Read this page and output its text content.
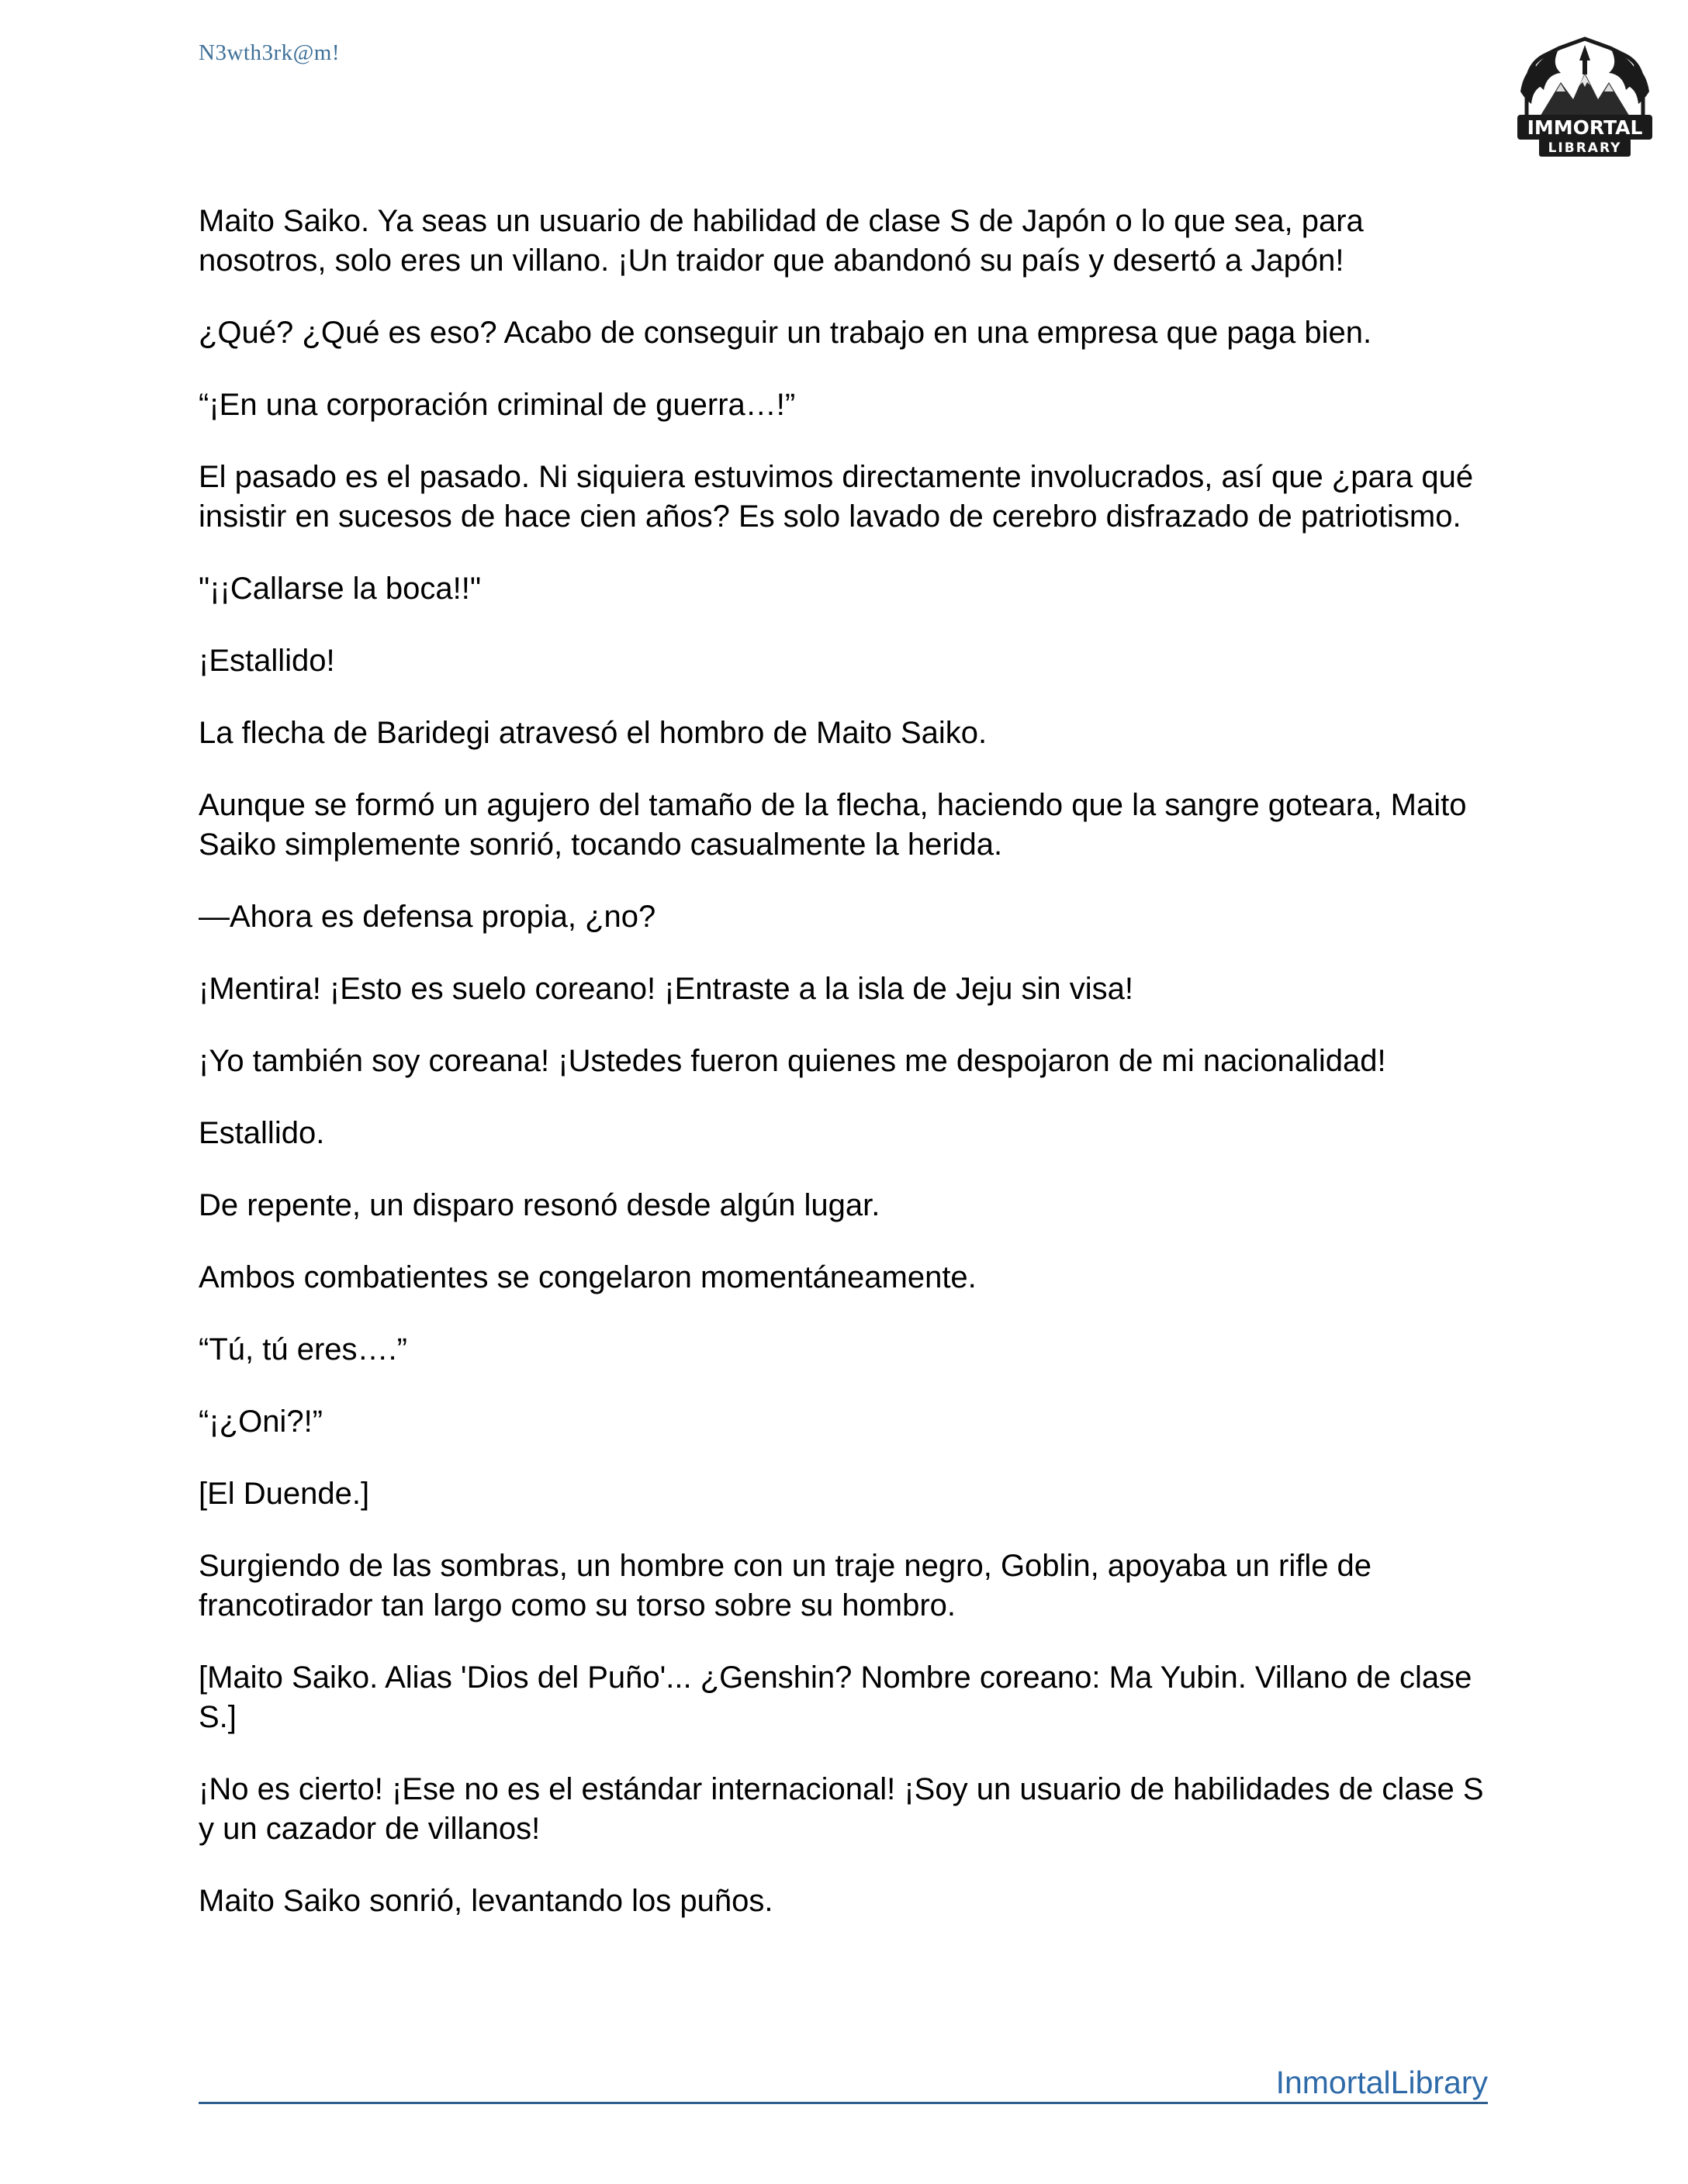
N3wth3rk@m!
IMMORTAL
LIBRARY

Maito Saiko. Ya seas un usuario de habilidad de clase S de Japón o lo que sea, para nosotros, solo eres un villano. ¡Un traidor que abandonó su país y desertó a Japón!

¿Qué? ¿Qué es eso? Acabo de conseguir un trabajo en una empresa que paga bien.

“¡En una corporación criminal de guerra…!”

El pasado es el pasado. Ni siquiera estuvimos directamente involucrados, así que ¿para qué insistir en sucesos de hace cien años? Es solo lavado de cerebro disfrazado de patriotismo.

"¡¡Callarse la boca!!"

¡Estallido!

La flecha de Baridegi atravesó el hombro de Maito Saiko.

Aunque se formó un agujero del tamaño de la flecha, haciendo que la sangre goteara, Maito Saiko simplemente sonrió, tocando casualmente la herida.

—Ahora es defensa propia, ¿no?

¡Mentira! ¡Esto es suelo coreano! ¡Entraste a la isla de Jeju sin visa!

¡Yo también soy coreana! ¡Ustedes fueron quienes me despojaron de mi nacionalidad!

Estallido.

De repente, un disparo resonó desde algún lugar.

Ambos combatientes se congelaron momentáneamente.

“Tú, tú eres….”

“¡¿Oni?!”

[El Duende.]

Surgiendo de las sombras, un hombre con un traje negro, Goblin, apoyaba un rifle de francotirador tan largo como su torso sobre su hombro.

[Maito Saiko. Alias 'Dios del Puño'... ¿Genshin? Nombre coreano: Ma Yubin. Villano de clase S.]

¡No es cierto! ¡Ese no es el estándar internacional! ¡Soy un usuario de habilidades de clase S y un cazador de villanos!

Maito Saiko sonrió, levantando los puños.

InmortalLibrary
